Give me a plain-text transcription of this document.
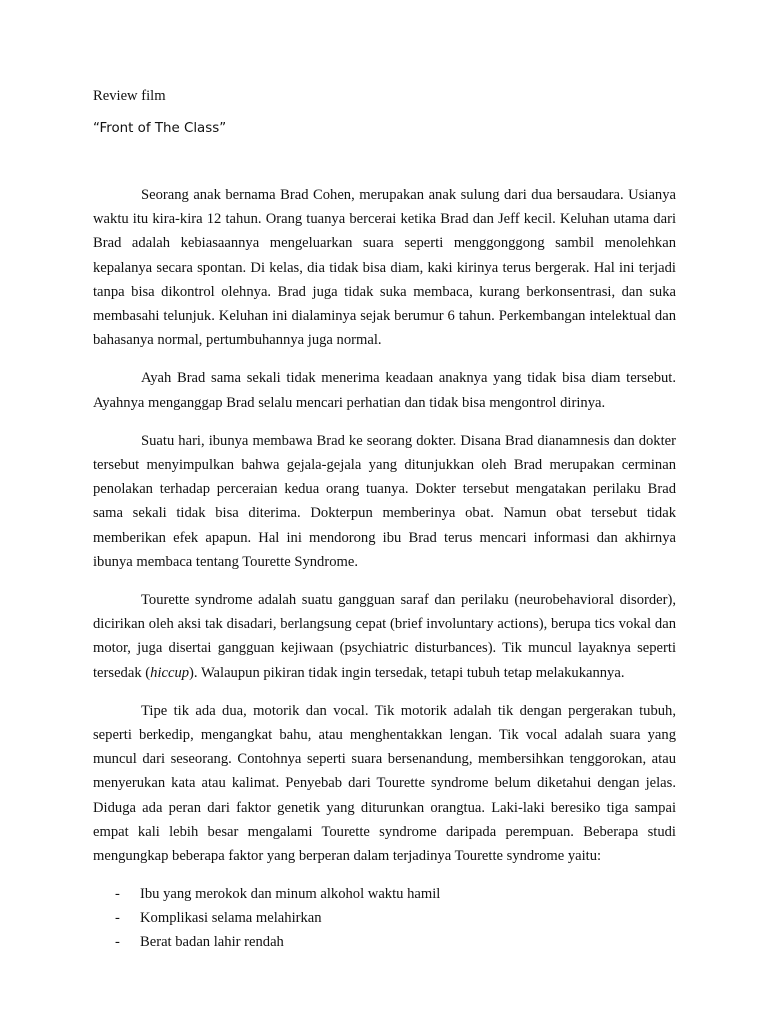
Review film

“Front of The Class”

Seorang anak bernama Brad Cohen, merupakan anak sulung dari dua bersaudara. Usianya waktu itu kira-kira 12 tahun. Orang tuanya bercerai ketika Brad dan Jeff kecil. Keluhan utama dari Brad adalah kebiasaannya mengeluarkan suara seperti menggonggong sambil menolehkan kepalanya secara spontan. Di kelas, dia tidak bisa diam, kaki kirinya terus bergerak. Hal ini terjadi tanpa bisa dikontrol olehnya. Brad juga tidak suka membaca, kurang berkonsentrasi, dan suka membasahi telunjuk. Keluhan ini dialaminya sejak berumur 6 tahun. Perkembangan intelektual dan bahasanya normal, pertumbuhannya juga normal.

Ayah Brad sama sekali tidak menerima keadaan anaknya yang tidak bisa diam tersebut. Ayahnya menganggap Brad selalu mencari perhatian dan tidak bisa mengontrol dirinya.

Suatu hari, ibunya membawa Brad ke seorang dokter. Disana Brad dianamnesis dan dokter tersebut menyimpulkan bahwa gejala-gejala yang ditunjukkan oleh Brad merupakan cerminan penolakan terhadap perceraian kedua orang tuanya. Dokter tersebut mengatakan perilaku Brad sama sekali tidak bisa diterima. Dokterpun memberinya obat. Namun obat tersebut tidak memberikan efek apapun. Hal ini mendorong ibu Brad terus mencari informasi dan akhirnya ibunya membaca tentang Tourette Syndrome.

Tourette syndrome adalah suatu gangguan saraf dan perilaku (neurobehavioral disorder), dicirikan oleh aksi tak disadari, berlangsung cepat (brief involuntary actions), berupa tics vokal dan motor, juga disertai gangguan kejiwaan (psychiatric disturbances). Tik muncul layaknya seperti tersedak (hiccup). Walaupun pikiran tidak ingin tersedak, tetapi tubuh tetap melakukannya.

Tipe tik ada dua, motorik dan vocal. Tik motorik adalah tik dengan pergerakan tubuh, seperti berkedip, mengangkat bahu, atau menghentakkan lengan. Tik vocal adalah suara yang muncul dari seseorang. Contohnya seperti suara bersenandung, membersihkan tenggorokan, atau menyerukan kata atau kalimat. Penyebab dari Tourette syndrome belum diketahui dengan jelas. Diduga ada peran dari faktor genetik yang diturunkan orangtua. Laki-laki beresiko tiga sampai empat kali lebih besar mengalami Tourette syndrome daripada perempuan. Beberapa studi mengungkap beberapa faktor yang berperan dalam terjadinya Tourette syndrome yaitu:

- Ibu yang merokok dan minum alkohol waktu hamil
- Komplikasi selama melahirkan
- Berat badan lahir rendah
